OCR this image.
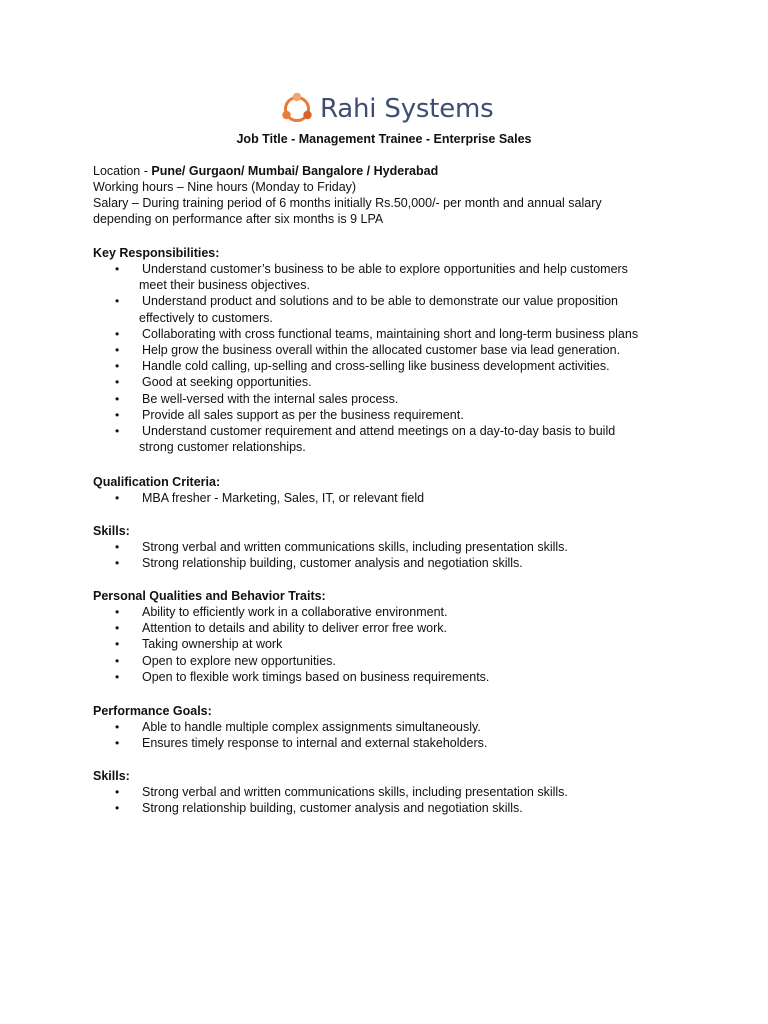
Rahi Systems
Job Title - Management Trainee - Enterprise Sales
Location - Pune/ Gurgaon/ Mumbai/ Bangalore / Hyderabad
Working hours – Nine hours (Monday to Friday)
Salary – During training period of 6 months initially Rs.50,000/- per month and annual salary
depending on performance after six months is 9 LPA
Key Responsibilities:
• Understand customer’s business to be able to explore opportunities and help customers
meet their business objectives.
• Understand product and solutions and to be able to demonstrate our value proposition
effectively to customers.
• Collaborating with cross functional teams, maintaining short and long-term business plans
• Help grow the business overall within the allocated customer base via lead generation.
• Handle cold calling, up-selling and cross-selling like business development activities.
• Good at seeking opportunities.
• Be well-versed with the internal sales process.
• Provide all sales support as per the business requirement.
• Understand customer requirement and attend meetings on a day-to-day basis to build
strong customer relationships.
Qualification Criteria:
• MBA fresher - Marketing, Sales, IT, or relevant field
Skills:
• Strong verbal and written communications skills, including presentation skills.
• Strong relationship building, customer analysis and negotiation skills.
Personal Qualities and Behavior Traits:
• Ability to efficiently work in a collaborative environment.
• Attention to details and ability to deliver error free work.
• Taking ownership at work
• Open to explore new opportunities.
• Open to flexible work timings based on business requirements.
Performance Goals:
• Able to handle multiple complex assignments simultaneously.
• Ensures timely response to internal and external stakeholders.
Skills:
• Strong verbal and written communications skills, including presentation skills.
• Strong relationship building, customer analysis and negotiation skills.
